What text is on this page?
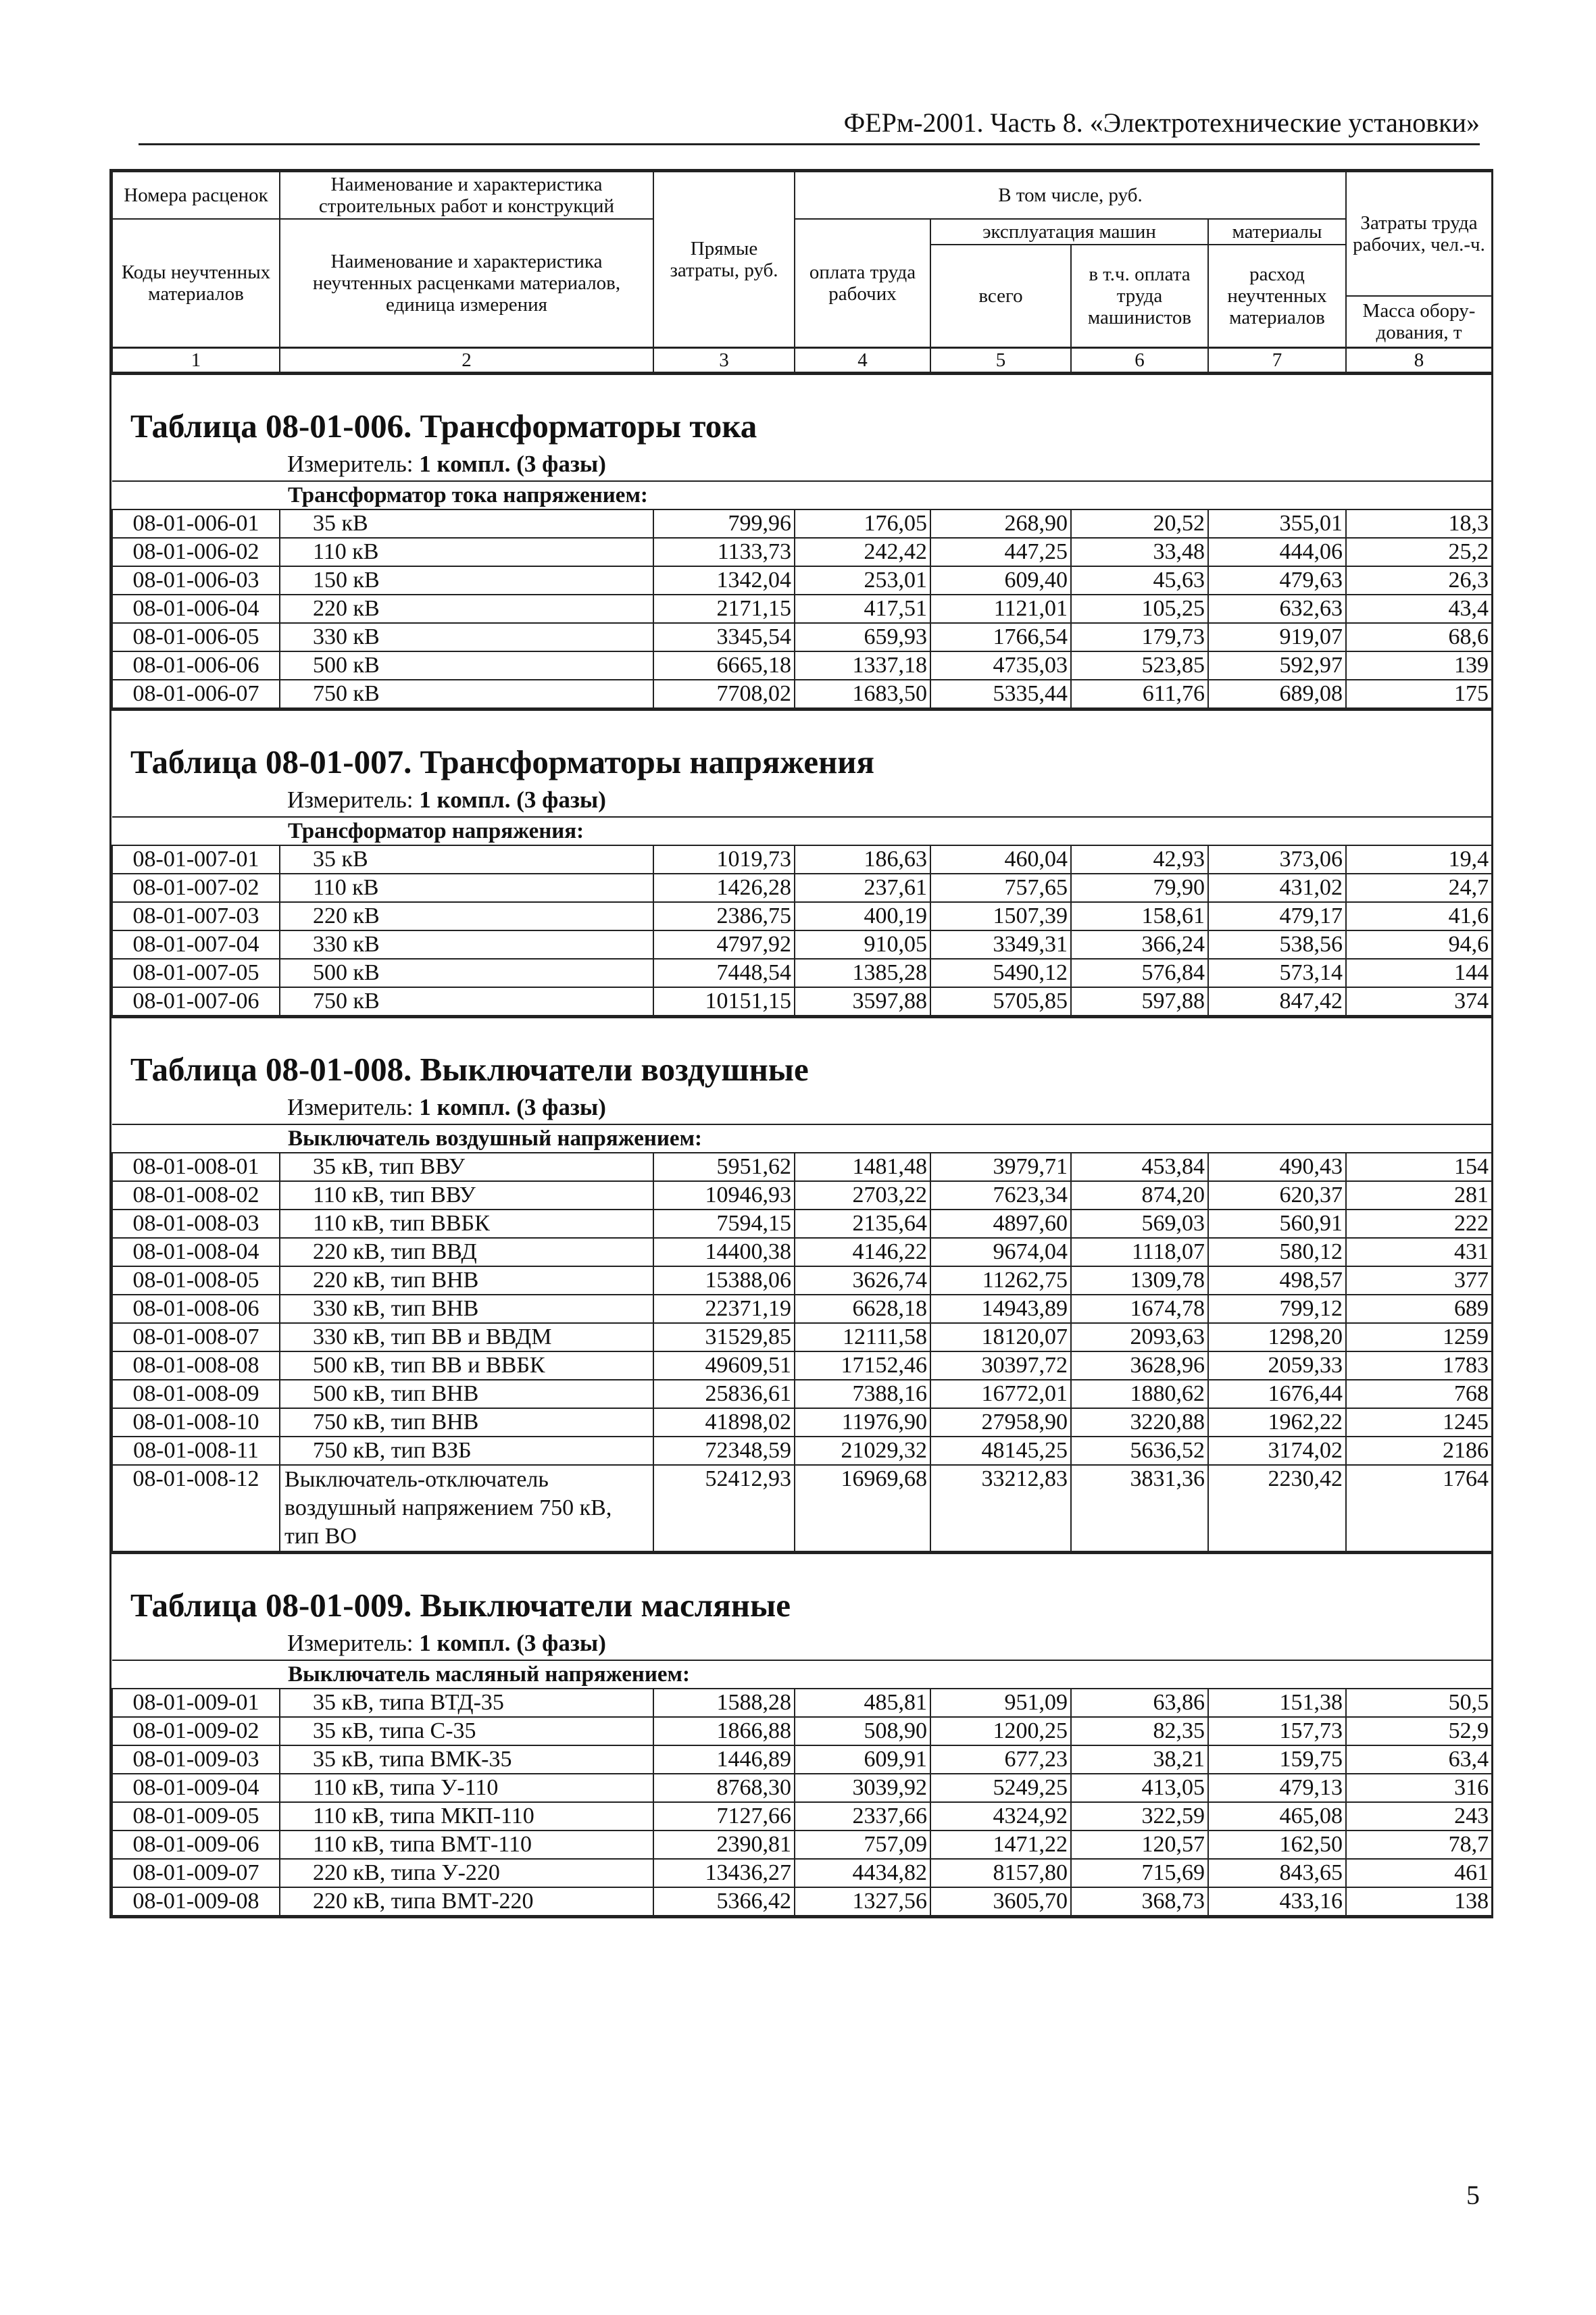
ФЕРм-2001. Часть 8. «Электротехнические установки»
Номера расценок	Наименование и характеристика строительных работ и конструкций	Прямые затраты, руб.	В том числе, руб.				Затраты труда рабочих, чел.-ч.
Коды неучтенных материалов	Наименование и характеристика неучтенных расценками материалов, единица измерения		оплата труда рабочих	эксплуатация машин		материалы	
				всего	в т.ч. оплата труда машинистов	расход неучтенных материалов	
							Масса обору-дования, т
1	2	3	4	5	6	7	8
Таблица 08-01-006. Трансформаторы тока
Измеритель: 1 компл. (3 фазы)
Трансформатор тока напряжением:							
08-01-006-01	35 кВ	799,96	176,05	268,90	20,52	355,01	18,3
08-01-006-02	110 кВ	1133,73	242,42	447,25	33,48	444,06	25,2
08-01-006-03	150 кВ	1342,04	253,01	609,40	45,63	479,63	26,3
08-01-006-04	220 кВ	2171,15	417,51	1121,01	105,25	632,63	43,4
08-01-006-05	330 кВ	3345,54	659,93	1766,54	179,73	919,07	68,6
08-01-006-06	500 кВ	6665,18	1337,18	4735,03	523,85	592,97	139
08-01-006-07	750 кВ	7708,02	1683,50	5335,44	611,76	689,08	175
Таблица 08-01-007. Трансформаторы напряжения
Измеритель: 1 компл. (3 фазы)
Трансформатор напряжения:							
08-01-007-01	35 кВ	1019,73	186,63	460,04	42,93	373,06	19,4
08-01-007-02	110 кВ	1426,28	237,61	757,65	79,90	431,02	24,7
08-01-007-03	220 кВ	2386,75	400,19	1507,39	158,61	479,17	41,6
08-01-007-04	330 кВ	4797,92	910,05	3349,31	366,24	538,56	94,6
08-01-007-05	500 кВ	7448,54	1385,28	5490,12	576,84	573,14	144
08-01-007-06	750 кВ	10151,15	3597,88	5705,85	597,88	847,42	374
Таблица 08-01-008. Выключатели воздушные
Измеритель: 1 компл. (3 фазы)
Выключатель воздушный напряжением:							
08-01-008-01	35 кВ, тип ВВУ	5951,62	1481,48	3979,71	453,84	490,43	154
08-01-008-02	110 кВ, тип ВВУ	10946,93	2703,22	7623,34	874,20	620,37	281
08-01-008-03	110 кВ, тип ВВБК	7594,15	2135,64	4897,60	569,03	560,91	222
08-01-008-04	220 кВ, тип ВВД	14400,38	4146,22	9674,04	1118,07	580,12	431
08-01-008-05	220 кВ, тип ВНВ	15388,06	3626,74	11262,75	1309,78	498,57	377
08-01-008-06	330 кВ, тип ВНВ	22371,19	6628,18	14943,89	1674,78	799,12	689
08-01-008-07	330 кВ, тип ВВ и ВВДМ	31529,85	12111,58	18120,07	2093,63	1298,20	1259
08-01-008-08	500 кВ, тип ВВ и ВВБК	49609,51	17152,46	30397,72	3628,96	2059,33	1783
08-01-008-09	500 кВ, тип ВНВ	25836,61	7388,16	16772,01	1880,62	1676,44	768
08-01-008-10	750 кВ, тип ВНВ	41898,02	11976,90	27958,90	3220,88	1962,22	1245
08-01-008-11	750 кВ, тип ВЗБ	72348,59	21029,32	48145,25	5636,52	3174,02	2186
08-01-008-12	Выключатель-отключатель воздушный напряжением 750 кВ, тип ВО	52412,93	16969,68	33212,83	3831,36	2230,42	1764
Таблица 08-01-009. Выключатели масляные
Измеритель: 1 компл. (3 фазы)
Выключатель масляный напряжением:							
08-01-009-01	35 кВ, типа ВТД-35	1588,28	485,81	951,09	63,86	151,38	50,5
08-01-009-02	35 кВ, типа С-35	1866,88	508,90	1200,25	82,35	157,73	52,9
08-01-009-03	35 кВ, типа ВМК-35	1446,89	609,91	677,23	38,21	159,75	63,4
08-01-009-04	110 кВ, типа У-110	8768,30	3039,92	5249,25	413,05	479,13	316
08-01-009-05	110 кВ, типа МКП-110	7127,66	2337,66	4324,92	322,59	465,08	243
08-01-009-06	110 кВ, типа ВМТ-110	2390,81	757,09	1471,22	120,57	162,50	78,7
08-01-009-07	220 кВ, типа У-220	13436,27	4434,82	8157,80	715,69	843,65	461
08-01-009-08	220 кВ, типа ВМТ-220	5366,42	1327,56	3605,70	368,73	433,16	138
5
